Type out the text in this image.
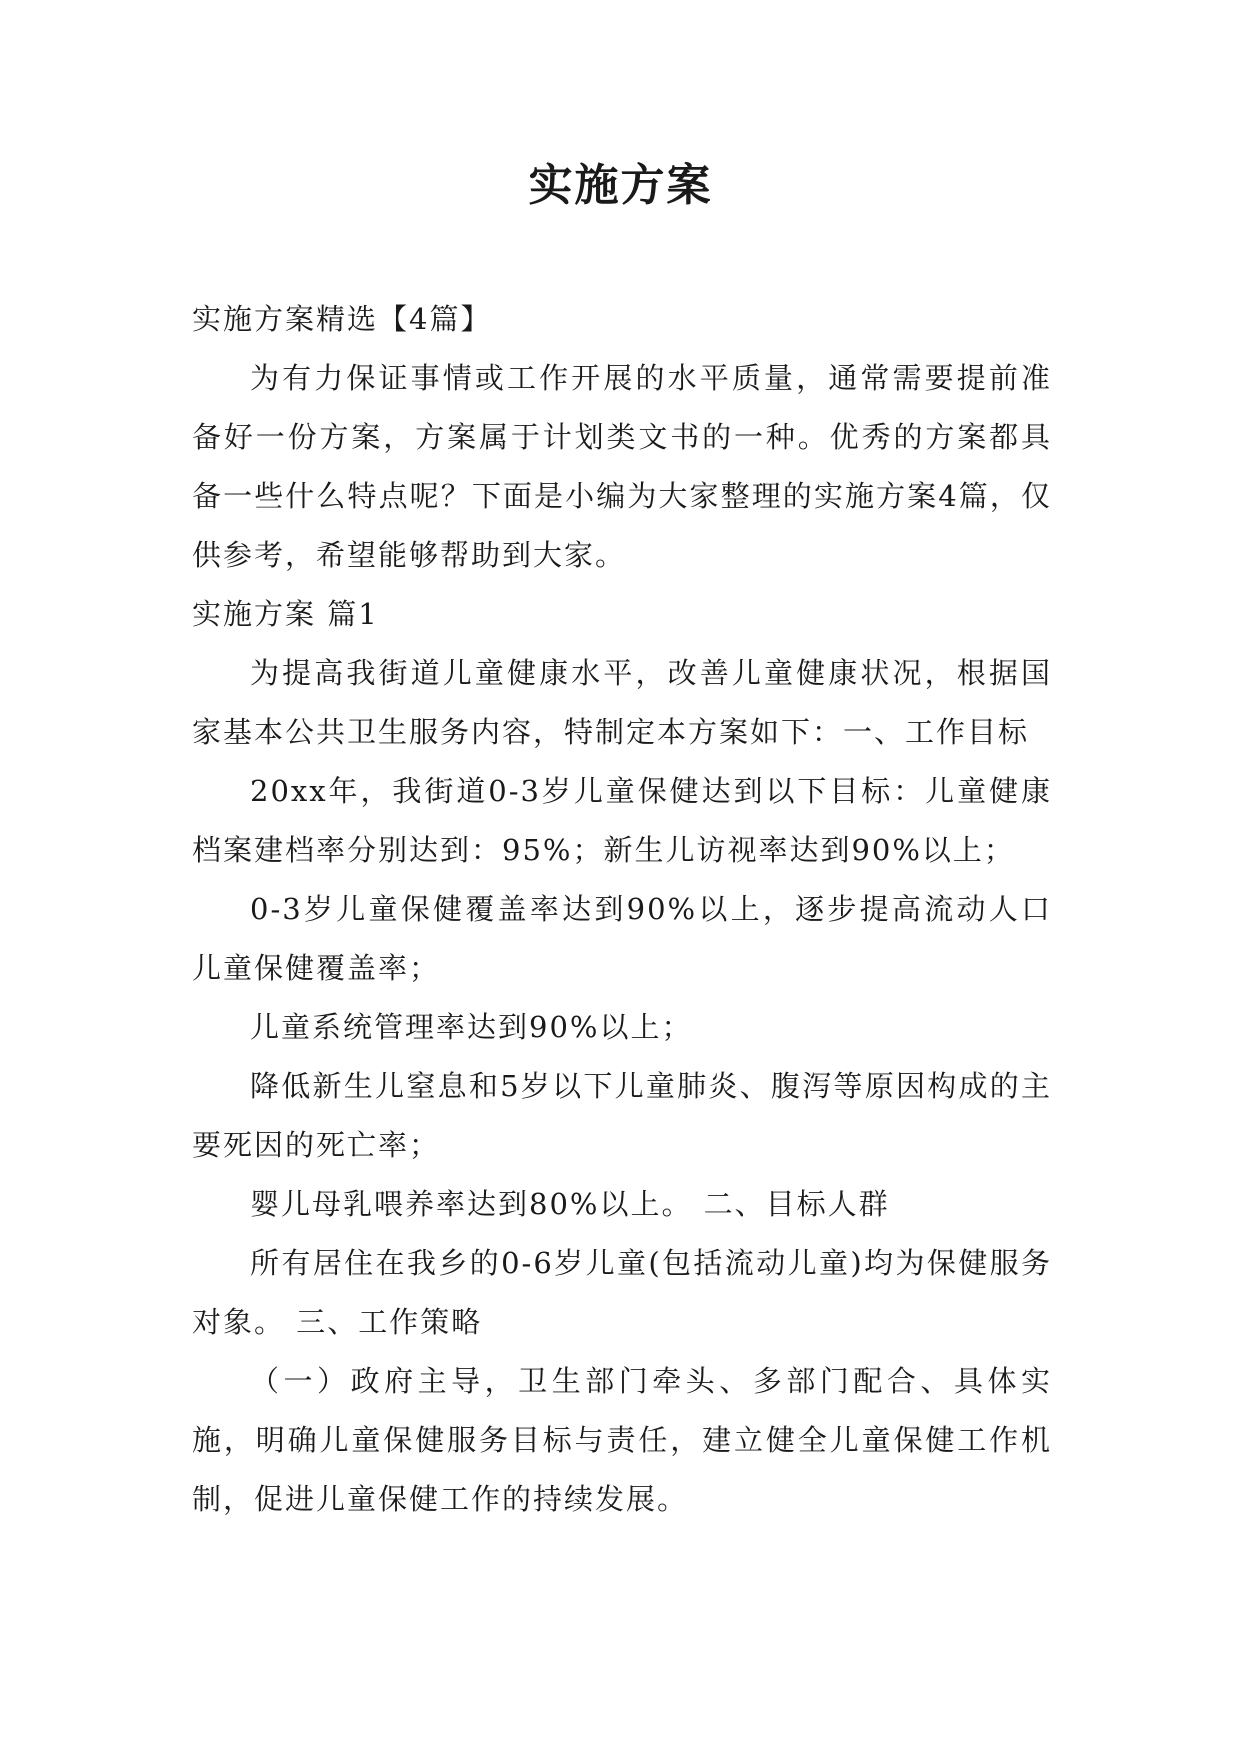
实施方案

实施方案精选【4篇】

为有力保证事情或工作开展的水平质量，通常需要提前准备好一份方案，方案属于计划类文书的一种。优秀的方案都具备一些什么特点呢？下面是小编为大家整理的实施方案4篇，仅供参考，希望能够帮助到大家。

实施方案 篇1

为提高我街道儿童健康水平，改善儿童健康状况，根据国家基本公共卫生服务内容，特制定本方案如下：一、工作目标

20xx年，我街道0-3岁儿童保健达到以下目标：儿童健康档案建档率分别达到：95%；新生儿访视率达到90%以上；

0-3岁儿童保健覆盖率达到90%以上，逐步提高流动人口儿童保健覆盖率；

儿童系统管理率达到90%以上；

降低新生儿窒息和5岁以下儿童肺炎、腹泻等原因构成的主要死因的死亡率；

婴儿母乳喂养率达到80%以上。 二、目标人群

所有居住在我乡的0-6岁儿童(包括流动儿童)均为保健服务对象。 三、工作策略

（一）政府主导，卫生部门牵头、多部门配合、具体实施，明确儿童保健服务目标与责任，建立健全儿童保健工作机制，促进儿童保健工作的持续发展。
